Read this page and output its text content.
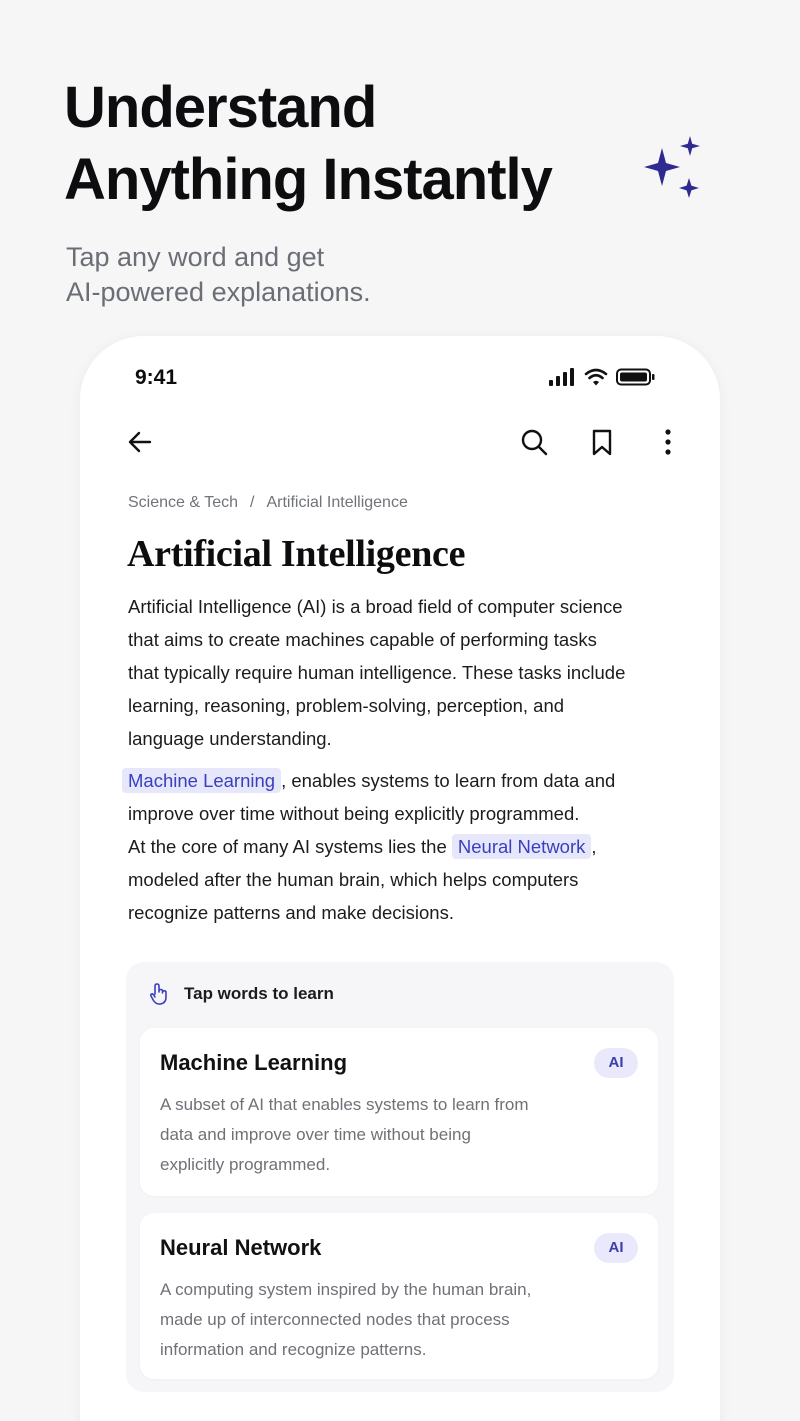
Understand
Anything Instantly
Tap any word and get
AI-powered explanations.
9:41
Science & Tech / Artificial Intelligence
Artificial Intelligence
Artificial Intelligence (AI) is a broad field of computer science
that aims to create machines capable of performing tasks
that typically require human intelligence. These tasks include
learning, reasoning, problem-solving, perception, and
language understanding.
Machine Learning , enables systems to learn from data and
improve over time without being explicitly programmed.
At the core of many AI systems lies the Neural Network ,
modeled after the human brain, which helps computers
recognize patterns and make decisions.
Tap words to learn
Machine Learning	AI
A subset of AI that enables systems to learn from
data and improve over time without being
explicitly programmed.
Neural Network	AI
A computing system inspired by the human brain,
made up of interconnected nodes that process
information and recognize patterns.
